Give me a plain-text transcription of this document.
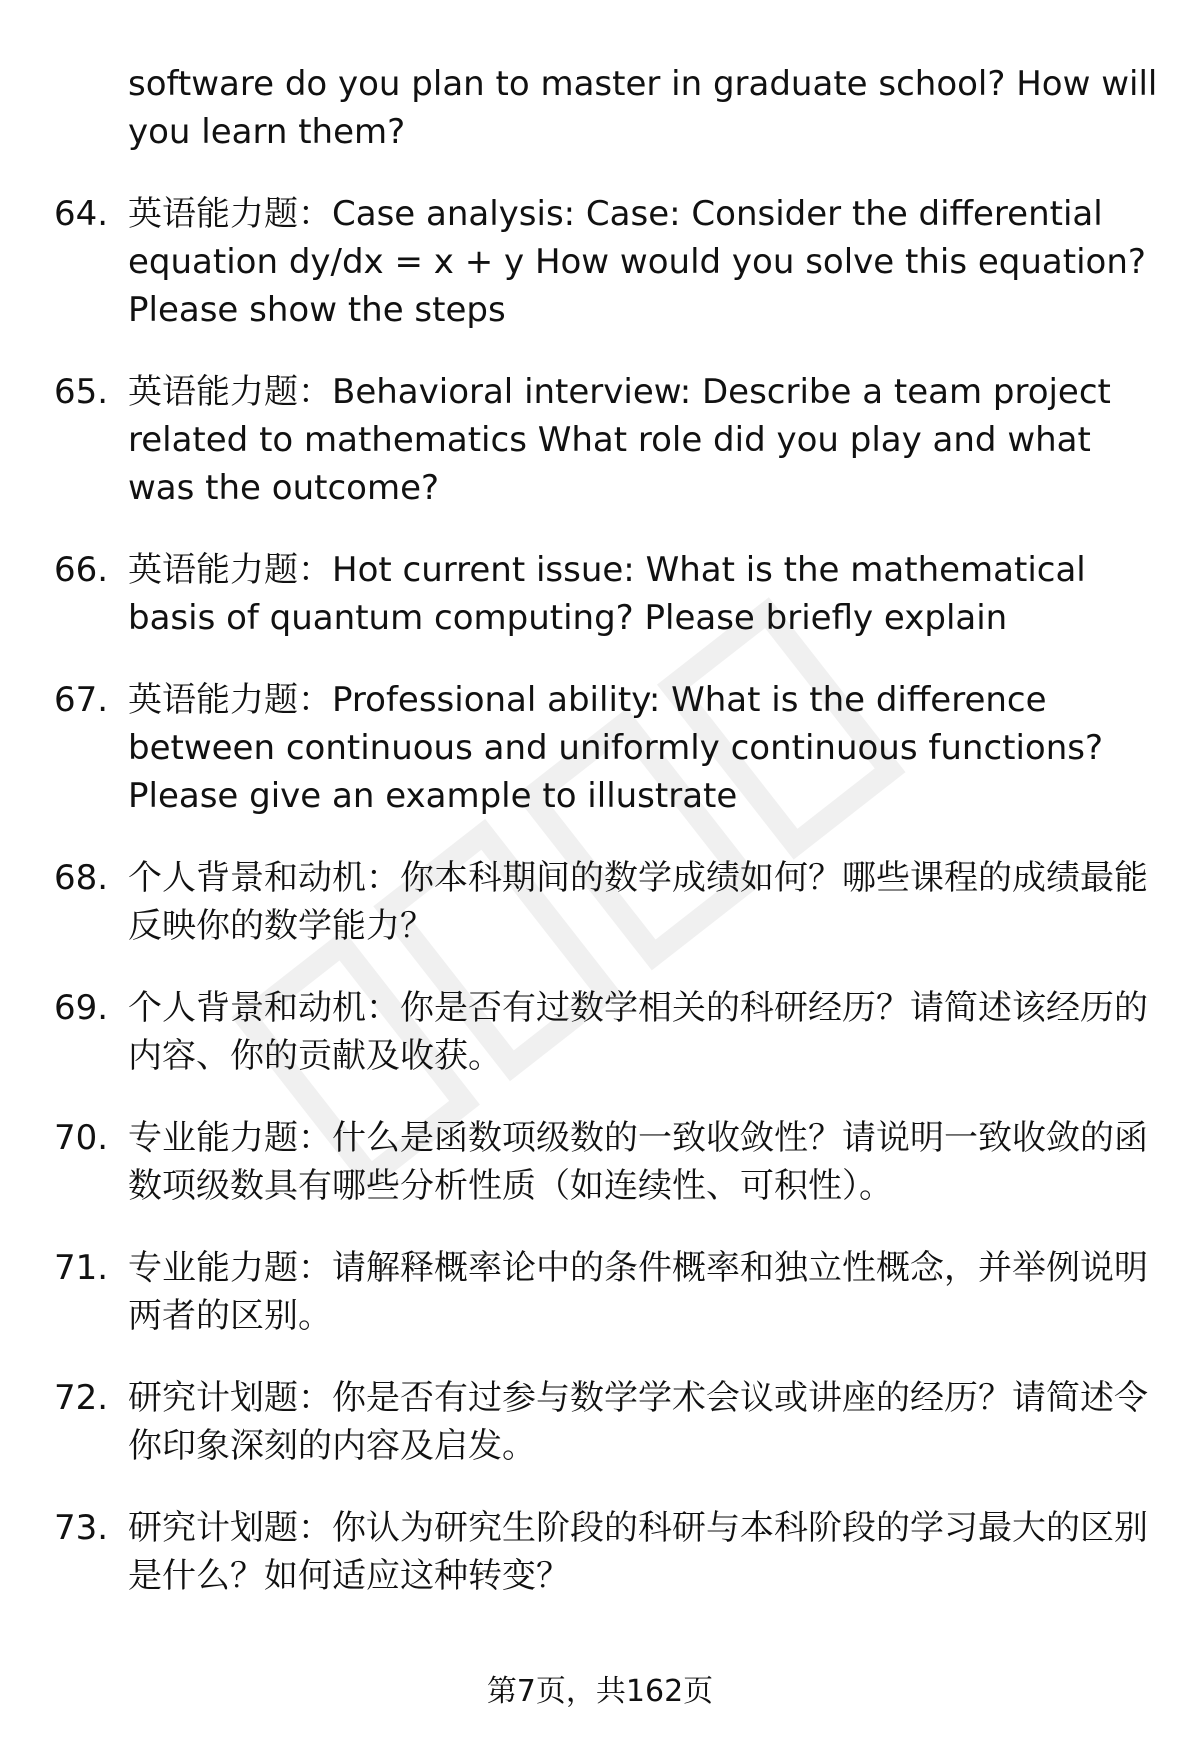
software do you plan to master in graduate school? How will you learn them?
64. 英语能力题：Case analysis: Case: Consider the differential equation dy/dx = x + y How would you solve this equation? Please show the steps
65. 英语能力题：Behavioral interview: Describe a team project related to mathematics What role did you play and what was the outcome?
66. 英语能力题：Hot current issue: What is the mathematical basis of quantum computing? Please briefly explain
67. 英语能力题：Professional ability: What is the difference between continuous and uniformly continuous functions? Please give an example to illustrate
68. 个人背景和动机：你本科期间的数学成绩如何？哪些课程的成绩最能反映你的数学能力？
69. 个人背景和动机：你是否有过数学相关的科研经历？请简述该经历的内容、你的贡献及收获。
70. 专业能力题：什么是函数项级数的一致收敛性？请说明一致收敛的函数项级数具有哪些分析性质（如连续性、可积性）。
71. 专业能力题：请解释概率论中的条件概率和独立性概念，并举例说明两者的区别。
72. 研究计划题：你是否有过参与数学学术会议或讲座的经历？请简述令你印象深刻的内容及启发。
73. 研究计划题：你认为研究生阶段的科研与本科阶段的学习最大的区别是什么？如何适应这种转变？
第7页，共162页
